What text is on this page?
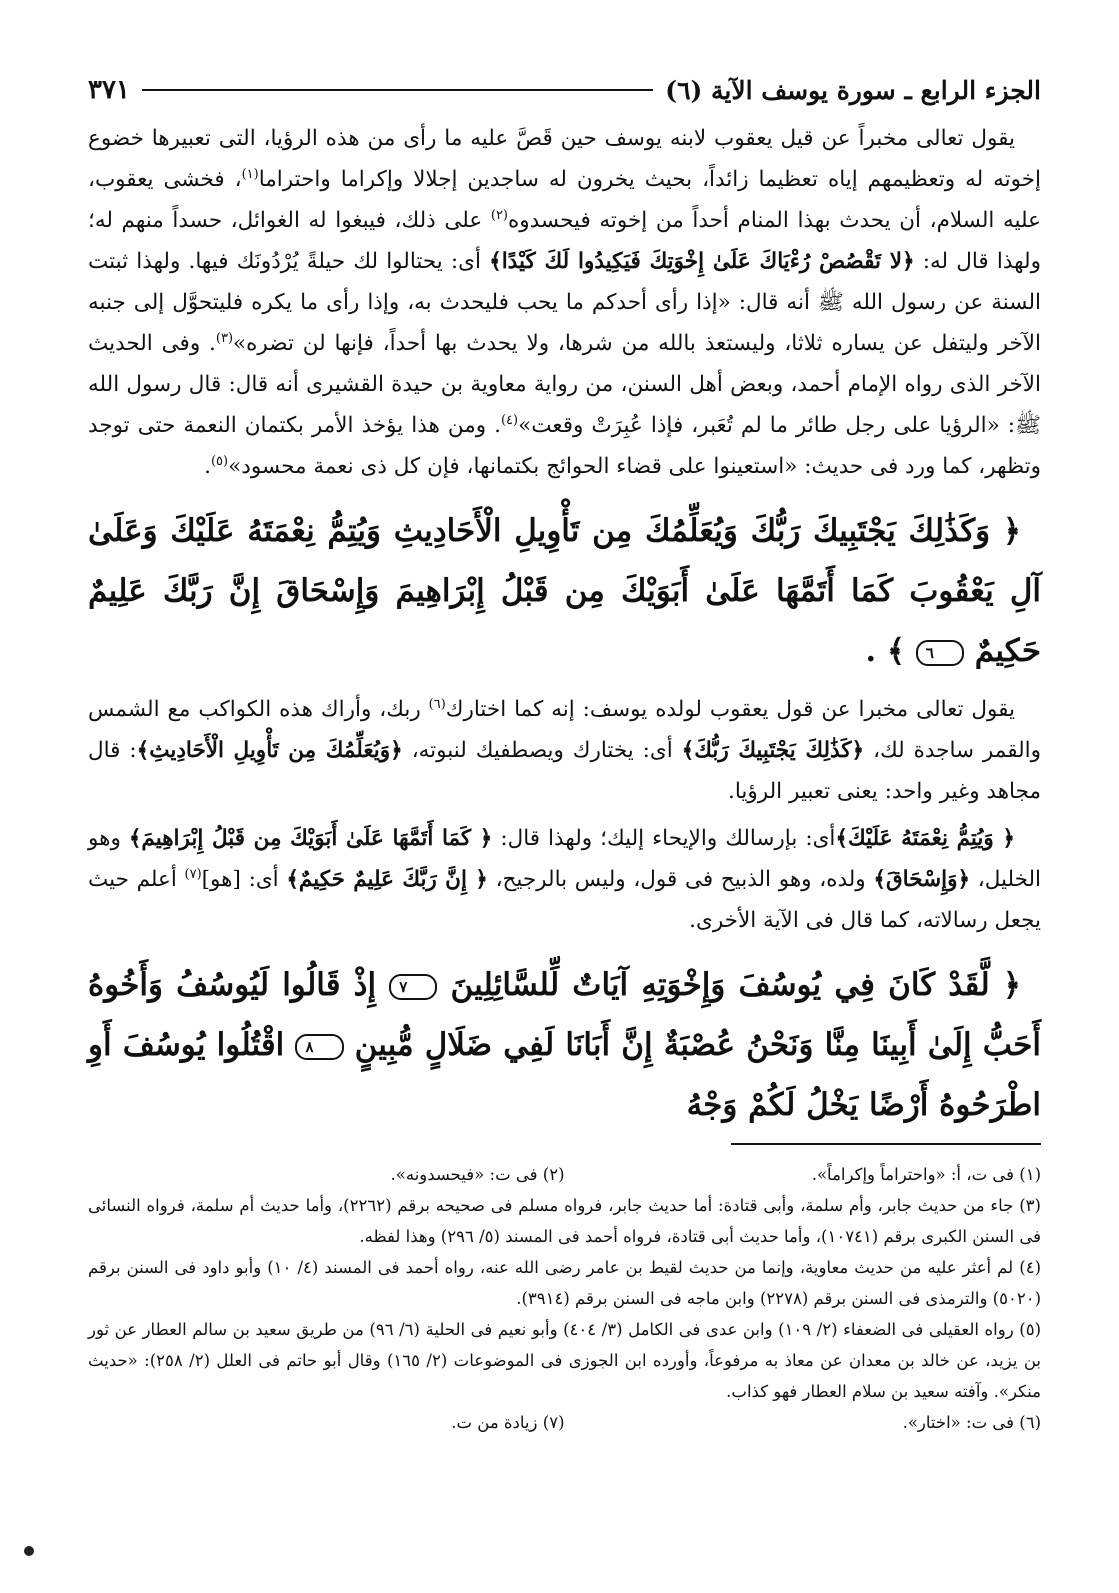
الجزء الرابع ـ سورة يوسف الآية (٦)
٣٧١

يقول تعالى مخبراً عن قيل يعقوب لابنه يوسف حين قَصَّ عليه ما رأى من هذه الرؤيا، التى تعبيرها خضوع إخوته له وتعظيمهم إياه تعظيما زائداً، بحيث يخرون له ساجدين إجلالا وإكراما واحتراما$^{(١)}$، فخشى يعقوب، عليه السلام، أن يحدث بهذا المنام أحداً من إخوته فيحسدوه$^{(٢)}$ على ذلك، فيبغوا له الغوائل، حسداً منهم له؛ ولهذا قال له: ﴿لا تَقْصُصْ رُءْيَاكَ عَلَىٰ إِخْوَتِكَ فَيَكِيدُوا لَكَ كَيْدًا﴾ أى: يحتالوا لك حيلةً يُرْدُونَك فيها. ولهذا ثبتت السنة عن رسول الله ﷺ أنه قال: «إذا رأى أحدكم ما يحب فليحدث به، وإذا رأى ما يكره فليتحوَّل إلى جنبه الآخر وليتفل عن يساره ثلاثا، وليستعذ بالله من شرها، ولا يحدث بها أحداً، فإنها لن تضره»$^{(٣)}$. وفى الحديث الآخر الذى رواه الإمام أحمد، وبعض أهل السنن، من رواية معاوية بن حيدة القشيرى أنه قال: قال رسول الله ﷺ: «الرؤيا على رجل طائر ما لم تُعَبر، فإذا عُبِرَتْ وقعت»$^{(٤)}$. ومن هذا يؤخذ الأمر بكتمان النعمة حتى توجد وتظهر، كما ورد فى حديث: «استعينوا على قضاء الحوائج بكتمانها، فإن كل ذى نعمة محسود»$^{(٥)}$.

﴿ وَكَذَٰلِكَ يَجْتَبِيكَ رَبُّكَ وَيُعَلِّمُكَ مِن تَأْوِيلِ الْأَحَادِيثِ وَيُتِمُّ نِعْمَتَهُ عَلَيْكَ وَعَلَىٰ آلِ يَعْقُوبَ كَمَا أَتَمَّهَا عَلَىٰ أَبَوَيْكَ مِن قَبْلُ إِبْرَاهِيمَ وَإِسْحَاقَ إِنَّ رَبَّكَ عَلِيمٌ حَكِيمٌ ٦ ﴾ .

يقول تعالى مخبرا عن قول يعقوب لولده يوسف: إنه كما اختارك$^{(٦)}$ ربك، وأراك هذه الكواكب مع الشمس والقمر ساجدة لك، ﴿كَذَٰلِكَ يَجْتَبِيكَ رَبُّكَ﴾ أى: يختارك ويصطفيك لنبوته، ﴿وَيُعَلِّمُكَ مِن تَأْوِيلِ الْأَحَادِيثِ﴾: قال مجاهد وغير واحد: يعنى تعبير الرؤيا.

﴿ وَيُتِمُّ نِعْمَتَهُ عَلَيْكَ﴾أى: بإرسالك والإيحاء إليك؛ ولهذا قال: ﴿ كَمَا أَتَمَّهَا عَلَىٰ أَبَوَيْكَ مِن قَبْلُ إِبْرَاهِيمَ﴾ وهو الخليل، ﴿وَإِسْحَاقَ﴾ ولده، وهو الذبيح فى قول، وليس بالرجيح، ﴿ إِنَّ رَبَّكَ عَلِيمٌ حَكِيمٌ﴾ أى: [هو]$^{(٧)}$ أعلم حيث يجعل رسالاته، كما قال فى الآية الأخرى.

﴿ لَّقَدْ كَانَ فِي يُوسُفَ وَإِخْوَتِهِ آيَاتٌ لِّلسَّائِلِينَ ٧ إِذْ قَالُوا لَيُوسُفُ وَأَخُوهُ أَحَبُّ إِلَىٰ أَبِينَا مِنَّا وَنَحْنُ عُصْبَةٌ إِنَّ أَبَانَا لَفِي ضَلَالٍ مُّبِينٍ ٨ اقْتُلُوا يُوسُفَ أَوِ اطْرَحُوهُ أَرْضًا يَخْلُ لَكُمْ وَجْهُ

(١) فى ت، أ: «واحتراماً وإكراماً».

(٢) فى ت: «فيحسدونه».

(٣) جاء من حديث جابر، وأم سلمة، وأبى قتادة: أما حديث جابر، فرواه مسلم فى صحيحه برقم (٢٢٦٢)، وأما حديث أم سلمة، فرواه النسائى فى السنن الكبرى برقم (١٠٧٤١)، وأما حديث أبى قتادة، فرواه أحمد فى المسند (٥/ ٢٩٦) وهذا لفظه.

(٤) لم أعثر عليه من حديث معاوية، وإنما من حديث لقيط بن عامر رضى الله عنه، رواه أحمد فى المسند (٤/ ١٠) وأبو داود فى السنن برقم (٥٠٢٠) والترمذى فى السنن برقم (٢٢٧٨) وابن ماجه فى السنن برقم (٣٩١٤).

(٥) رواه العقيلى فى الضعفاء (٢/ ١٠٩) وابن عدى فى الكامل (٣/ ٤٠٤) وأبو نعيم فى الحلية (٦/ ٩٦) من طريق سعيد بن سالم العطار عن ثور بن يزيد، عن خالد بن معدان عن معاذ به مرفوعاً، وأورده ابن الجوزى فى الموضوعات (٢/ ١٦٥) وقال أبو حاتم فى العلل (٢/ ٢٥٨): «حديث منكر». وآفته سعيد بن سلام العطار فهو كذاب.

(٦) فى ت: «اختار».

(٧) زيادة من ت.
